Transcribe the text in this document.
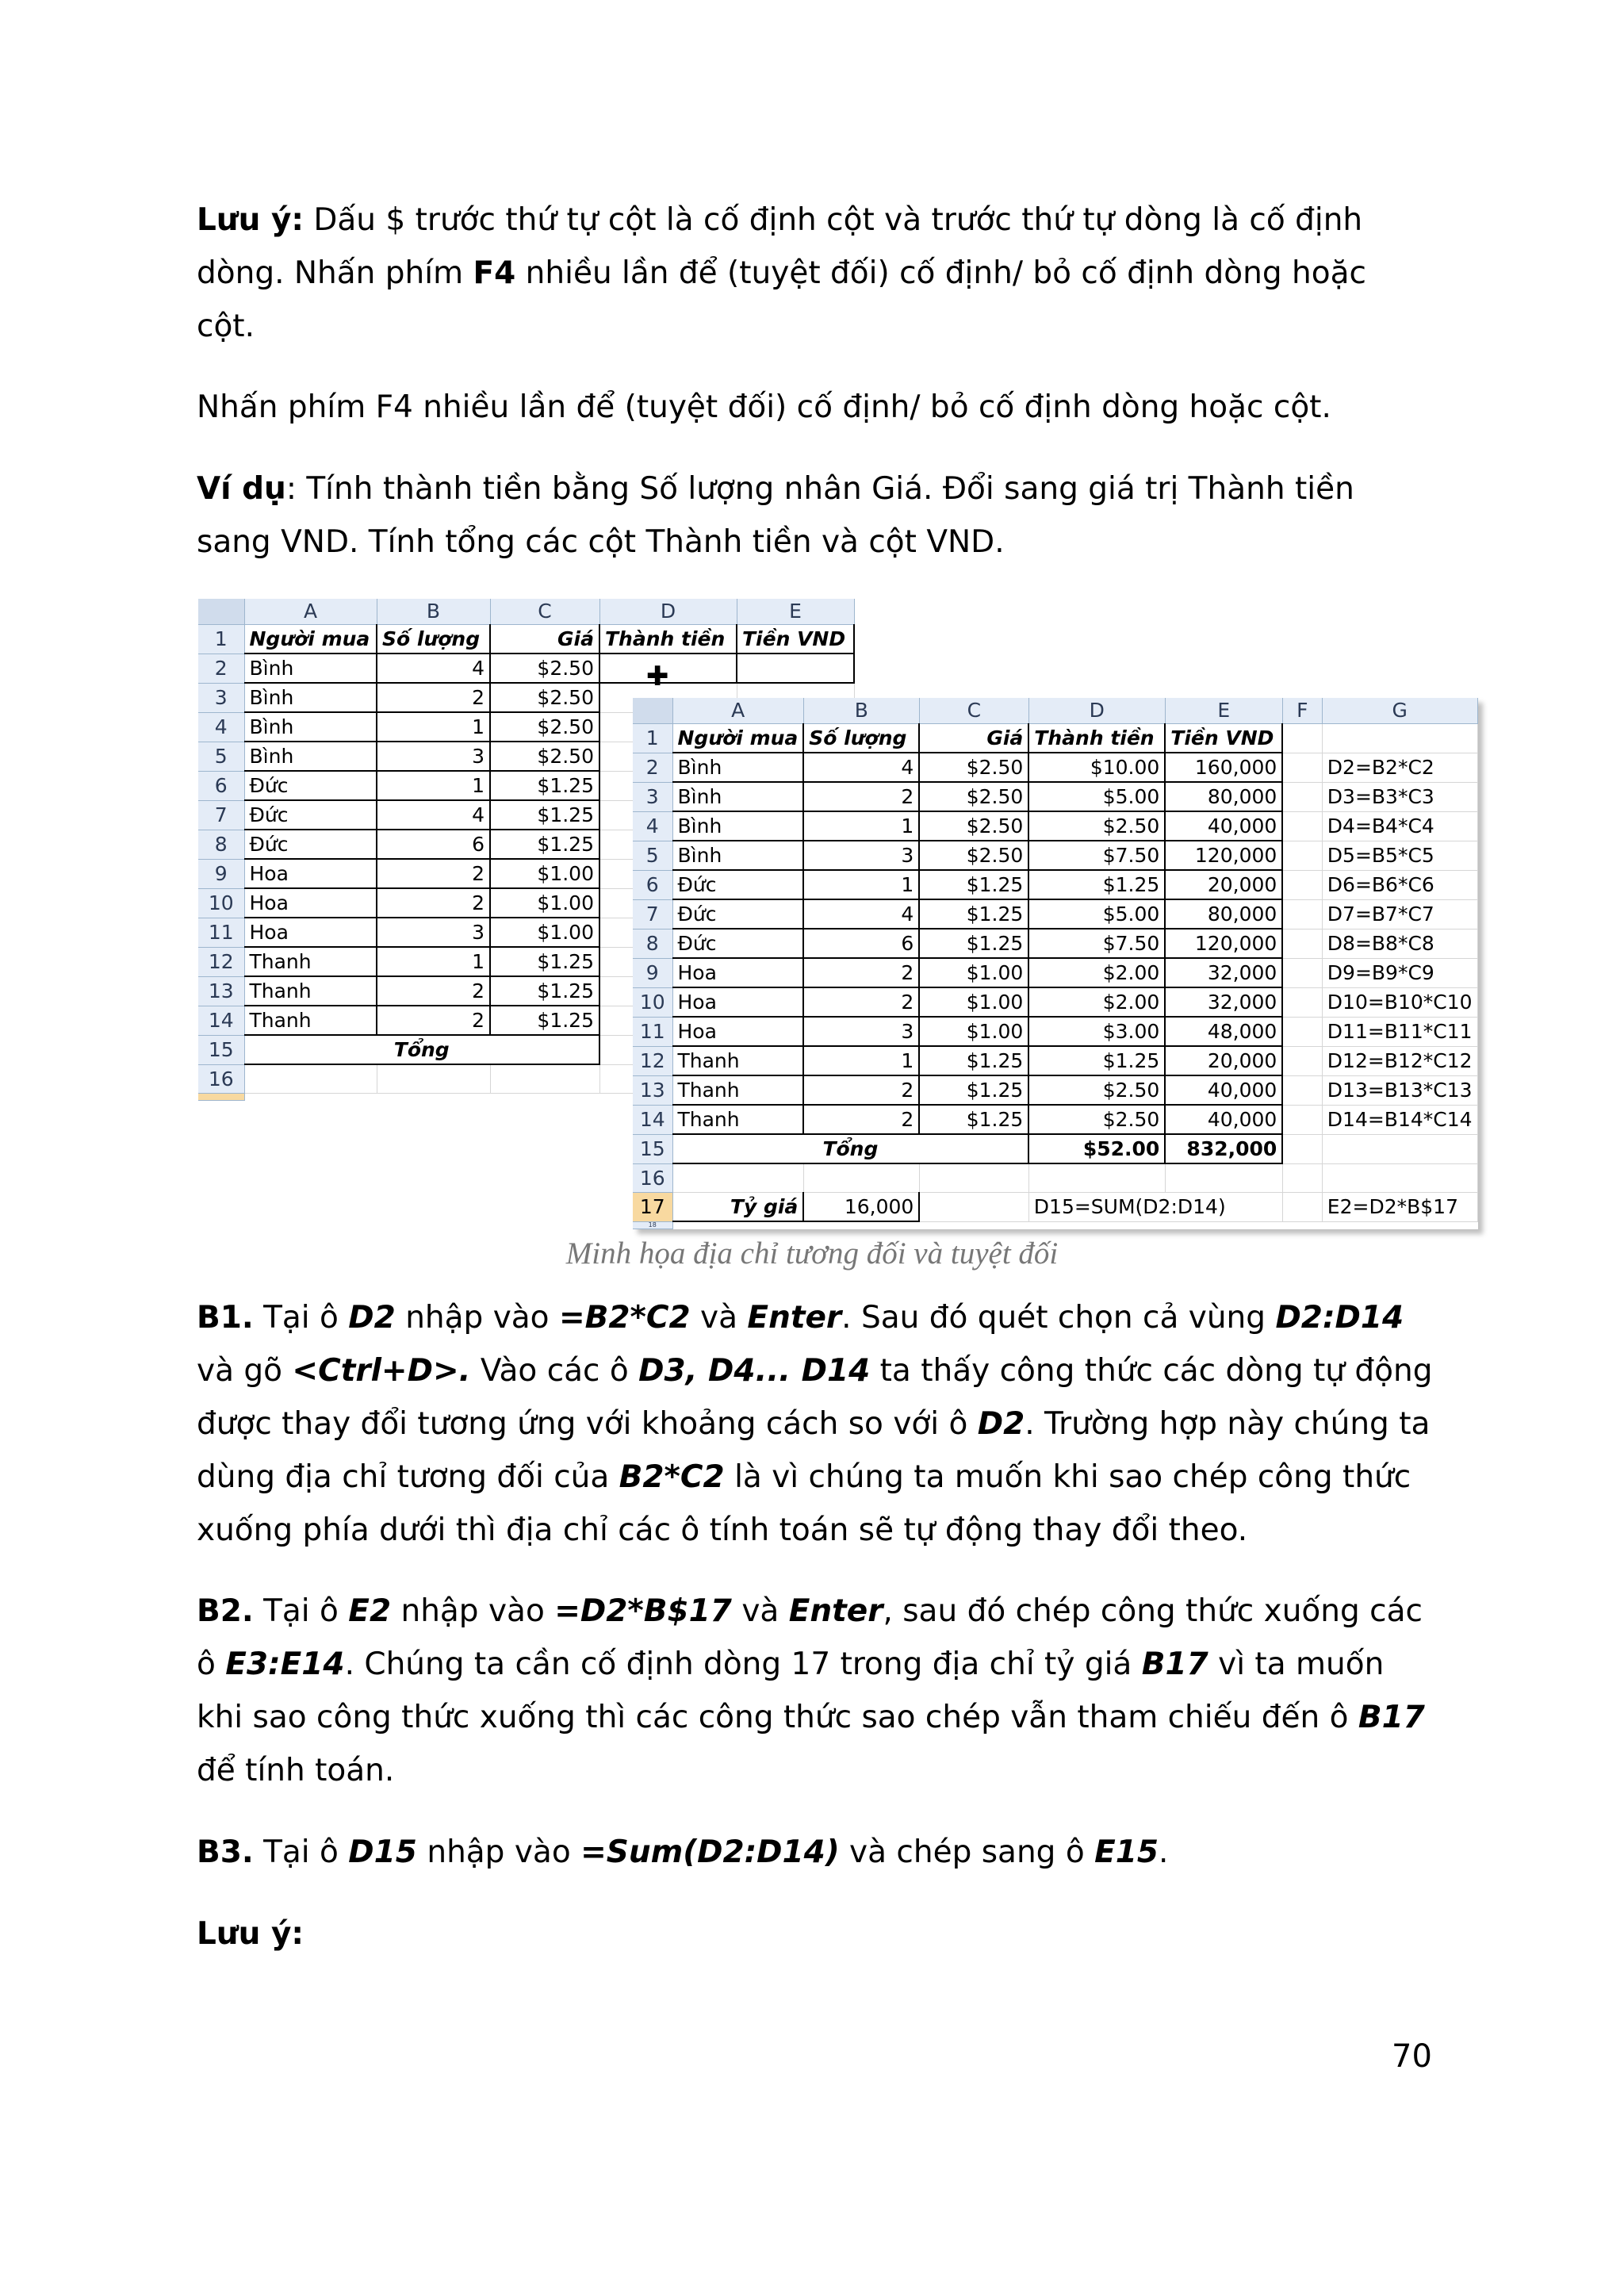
Lưu ý: Dấu $ trước thứ tự cột là cố định cột và trước thứ tự dòng là cố định dòng. Nhấn phím F4 nhiều lần để (tuyệt đối) cố định/ bỏ cố định dòng hoặc cột.
Nhấn phím F4 nhiều lần để (tuyệt đối) cố định/ bỏ cố định dòng hoặc cột.
Ví dụ: Tính thành tiền bằng Số lượng nhân Giá. Đổi sang giá trị Thành tiền sang VND. Tính tổng các cột Thành tiền và cột VND.
	A	B	C	D	E
1	Người mua	Số lượng	Giá	Thành tiền	Tiền VND
2	Bình	4	$2.50		
3	Bình	2	$2.50		
4	Bình	1	$2.50		
5	Bình	3	$2.50		
6	Đức	1	$1.25		
7	Đức	4	$1.25		
8	Đức	6	$1.25		
9	Hoa	2	$1.00		
10	Hoa	2	$1.00		
11	Hoa	3	$1.00		
12	Thanh	1	$1.25		
13	Thanh	2	$1.25		
14	Thanh	2	$1.25		
15	Tổng				
16					

✚
	A	B	C	D	E	F	G
1	Người mua	Số lượng	Giá	Thành tiền	Tiền VND		
2	Bình	4	$2.50	$10.00	160,000		D2=B2*C2
3	Bình	2	$2.50	$5.00	80,000		D3=B3*C3
4	Bình	1	$2.50	$2.50	40,000		D4=B4*C4
5	Bình	3	$2.50	$7.50	120,000		D5=B5*C5
6	Đức	1	$1.25	$1.25	20,000		D6=B6*C6
7	Đức	4	$1.25	$5.00	80,000		D7=B7*C7
8	Đức	6	$1.25	$7.50	120,000		D8=B8*C8
9	Hoa	2	$1.00	$2.00	32,000		D9=B9*C9
10	Hoa	2	$1.00	$2.00	32,000		D10=B10*C10
11	Hoa	3	$1.00	$3.00	48,000		D11=B11*C11
12	Thanh	1	$1.25	$1.25	20,000		D12=B12*C12
13	Thanh	2	$1.25	$2.50	40,000		D13=B13*C13
14	Thanh	2	$1.25	$2.50	40,000		D14=B14*C14
15	Tổng			$52.00	832,000		
16							
17	Tỷ giá	16,000		D15=SUM(D2:D14)			E2=D2*B$17
18							
Minh họa địa chỉ tương đối và tuyệt đối
B1. Tại ô D2 nhập vào =B2*C2 và Enter. Sau đó quét chọn cả vùng D2:D14 và gõ <Ctrl+D>. Vào các ô D3, D4... D14 ta thấy công thức các dòng tự động được thay đổi tương ứng với khoảng cách so với ô D2. Trường hợp này chúng ta dùng địa chỉ tương đối của B2*C2 là vì chúng ta muốn khi sao chép công thức xuống phía dưới thì địa chỉ các ô tính toán sẽ tự động thay đổi theo.
B2. Tại ô E2 nhập vào =D2*B$17 và Enter, sau đó chép công thức xuống các ô E3:E14. Chúng ta cần cố định dòng 17 trong địa chỉ tỷ giá B17 vì ta muốn khi sao công thức xuống thì các công thức sao chép vẫn tham chiếu đến ô B17 để tính toán.
B3. Tại ô D15 nhập vào =Sum(D2:D14) và chép sang ô E15.
Lưu ý:
70
